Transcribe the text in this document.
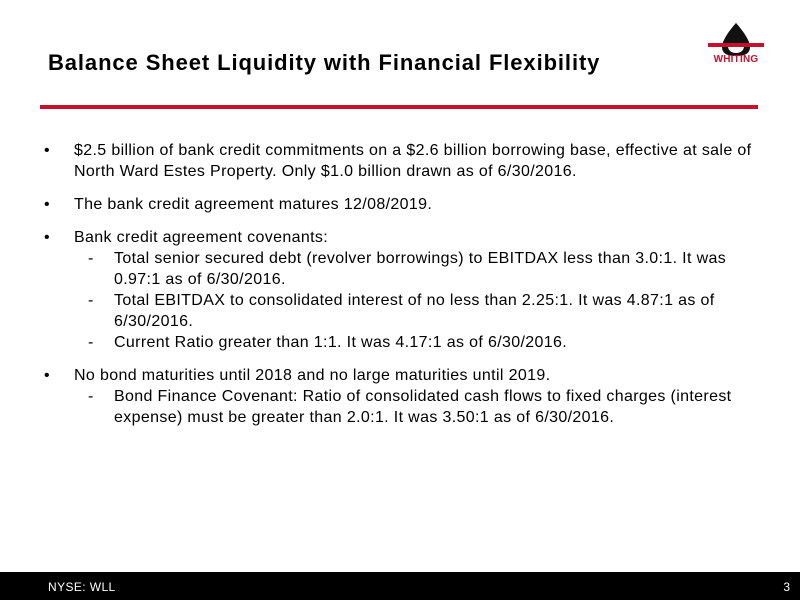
Balance Sheet Liquidity with Financial Flexibility	WHITING
• $2.5 billion of bank credit commitments on a $2.6 billion borrowing base, effective at sale of North Ward Estes Property. Only $1.0 billion drawn as of 6/30/2016.
• The bank credit agreement matures 12/08/2019.
• Bank credit agreement covenants:
- Total senior secured debt (revolver borrowings) to EBITDAX less than 3.0:1. It was 0.97:1 as of 6/30/2016.
- Total EBITDAX to consolidated interest of no less than 2.25:1. It was 4.87:1 as of 6/30/2016.
- Current Ratio greater than 1:1. It was 4.17:1 as of 6/30/2016.
• No bond maturities until 2018 and no large maturities until 2019.
- Bond Finance Covenant: Ratio of consolidated cash flows to fixed charges (interest expense) must be greater than 2.0:1. It was 3.50:1 as of 6/30/2016.
NYSE: WLL	3
